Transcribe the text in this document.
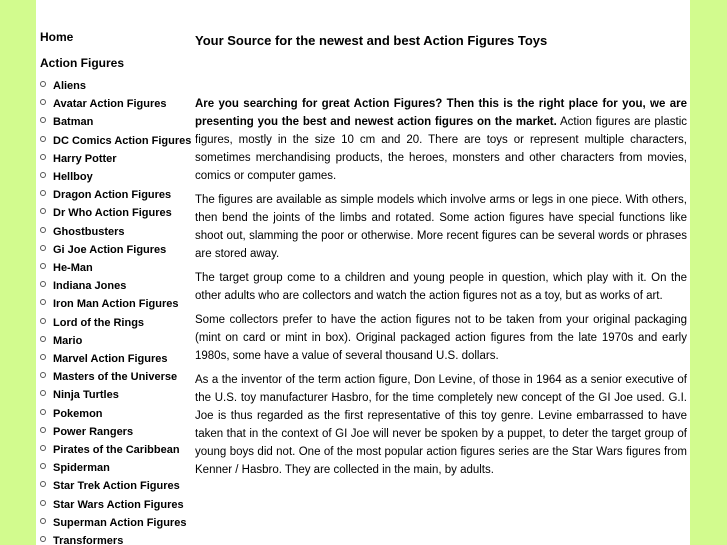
Home
Action Figures
Aliens
Avatar Action Figures
Batman
DC Comics Action Figures
Harry Potter
Hellboy
Dragon Action Figures
Dr Who Action Figures
Ghostbusters
Gi Joe Action Figures
He-Man
Indiana Jones
Iron Man Action Figures
Lord of the Rings
Mario
Marvel Action Figures
Masters of the Universe
Ninja Turtles
Pokemon
Power Rangers
Pirates of the Caribbean
Spiderman
Star Trek Action Figures
Star Wars Action Figures
Superman Action Figures
Transformers
Your Source for the newest and best Action Figures Toys

Are you searching for great Action Figures? Then this is the right place for you, we are presenting you the best and newest action figures on the market. Action figures are plastic figures, mostly in the size 10 cm and 20. There are toys or represent multiple characters, sometimes merchandising products, the heroes, monsters and other characters from movies, comics or computer games.

The figures are available as simple models which involve arms or legs in one piece. With others, then bend the joints of the limbs and rotated. Some action figures have special functions like shoot out, slamming the poor or otherwise. More recent figures can be several words or phrases are stored away.

The target group come to a children and young people in question, which play with it. On the other adults who are collectors and watch the action figures not as a toy, but as works of art.

Some collectors prefer to have the action figures not to be taken from your original packaging (mint on card or mint in box). Original packaged action figures from the late 1970s and early 1980s, some have a value of several thousand U.S. dollars.

As a the inventor of the term action figure, Don Levine, of those in 1964 as a senior executive of the U.S. toy manufacturer Hasbro, for the time completely new concept of the GI Joe used. G.I. Joe is thus regarded as the first representative of this toy genre. Levine embarrassed to have taken that in the context of GI Joe will never be spoken by a puppet, to deter the target group of young boys did not. One of the most popular action figures series are the Star Wars figures from Kenner / Hasbro. They are collected in the main, by adults.
